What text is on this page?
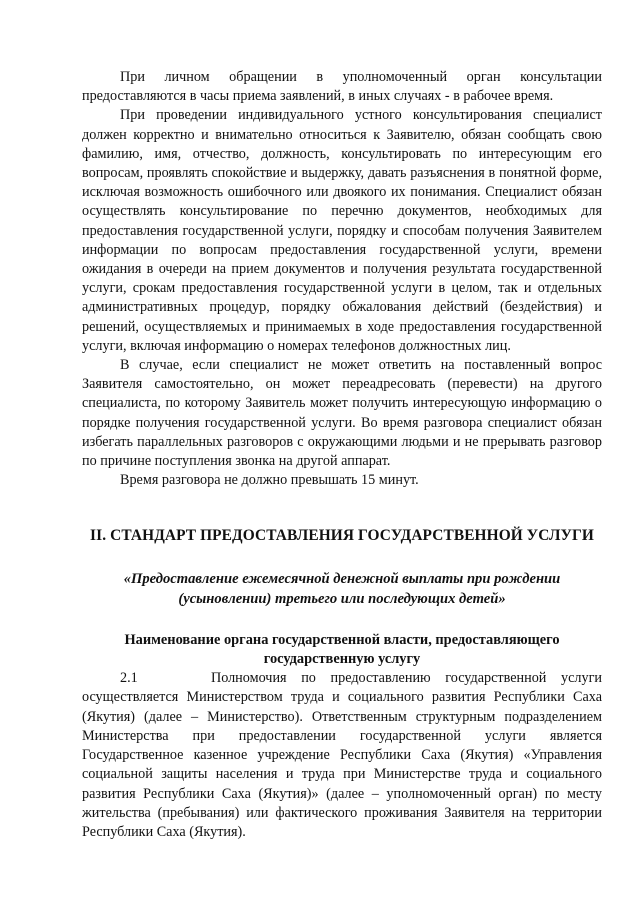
При личном обращении в уполномоченный орган консультации предоставляются в часы приема заявлений, в иных случаях - в рабочее время.

При проведении индивидуального устного консультирования специалист должен корректно и внимательно относиться к Заявителю, обязан сообщать свою фамилию, имя, отчество, должность, консультировать по интересующим его вопросам, проявлять спокойствие и выдержку, давать разъяснения в понятной форме, исключая возможность ошибочного или двоякого их понимания. Специалист обязан осуществлять консультирование по перечню документов, необходимых для предоставления государственной услуги, порядку и способам получения Заявителем информации по вопросам предоставления государственной услуги, времени ожидания в очереди на прием документов и получения результата государственной услуги, срокам предоставления государственной услуги в целом, так и отдельных административных процедур, порядку обжалования действий (бездействия) и решений, осуществляемых и принимаемых в ходе предоставления государственной услуги, включая информацию о номерах телефонов должностных лиц.

В случае, если специалист не может ответить на поставленный вопрос Заявителя самостоятельно, он может переадресовать (перевести) на другого специалиста, по которому Заявитель может получить интересующую информацию о порядке получения государственной услуги. Во время разговора специалист обязан избегать параллельных разговоров с окружающими людьми и не прерывать разговор по причине поступления звонка на другой аппарат.

Время разговора не должно превышать 15 минут.

II. СТАНДАРТ ПРЕДОСТАВЛЕНИЯ ГОСУДАРСТВЕННОЙ УСЛУГИ
«Предоставление ежемесячной денежной выплаты при рождении (усыновлении) третьего или последующих детей»
Наименование органа государственной власти, предоставляющего государственную услугу

2.1	Полномочия по предоставлению государственной услуги осуществляется Министерством труда и социального развития Республики Саха (Якутия) (далее – Министерство). Ответственным структурным подразделением Министерства при предоставлении государственной услуги является Государственное казенное учреждение Республики Саха (Якутия) «Управления социальной защиты населения и труда при Министерстве труда и социального развития Республики Саха (Якутия)» (далее – уполномоченный орган) по месту жительства (пребывания) или фактического проживания Заявителя на территории Республики Саха (Якутия).
